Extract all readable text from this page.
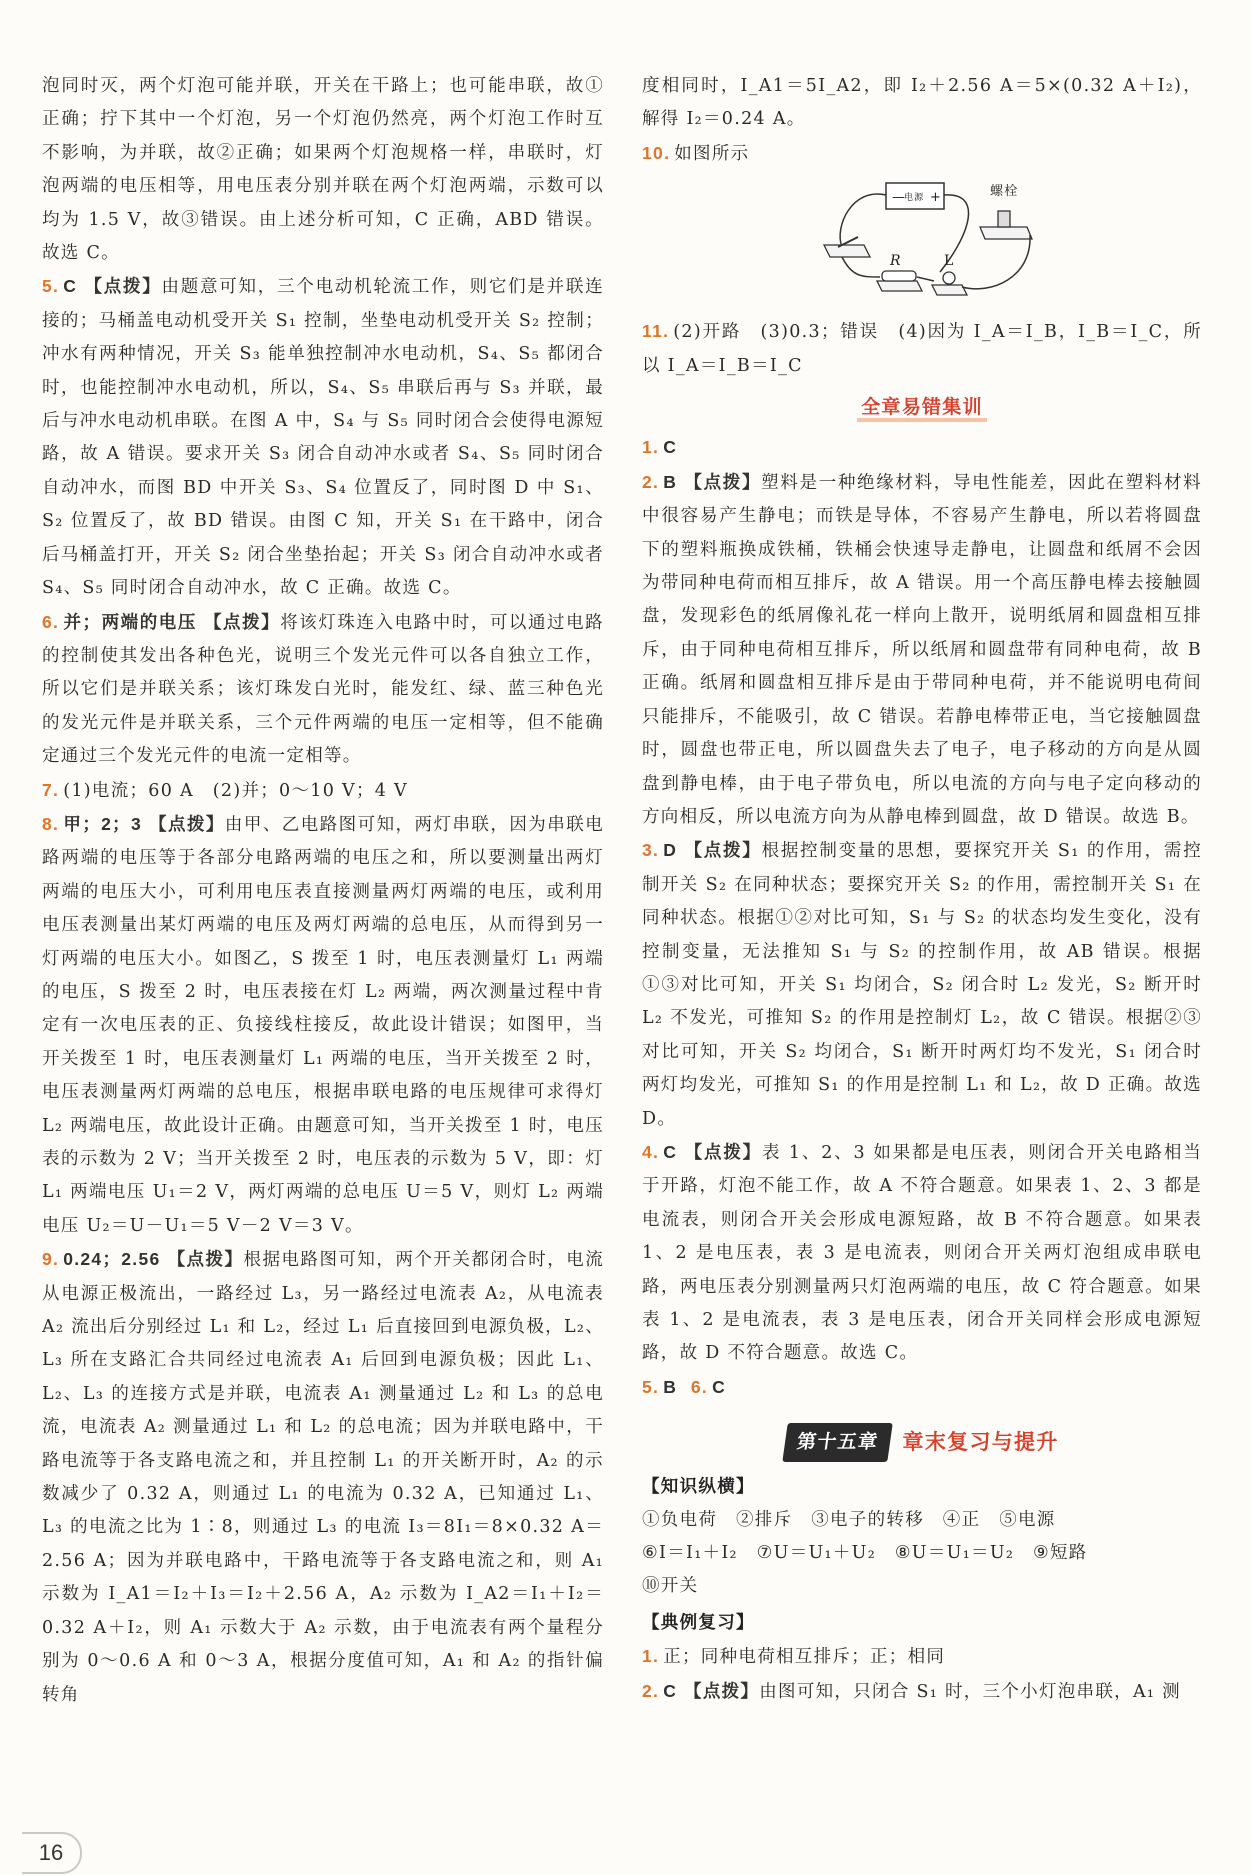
泡同时灭，两个灯泡可能并联，开关在干路上；也可能串联，故①正确；拧下其中一个灯泡，另一个灯泡仍然亮，两个灯泡工作时互不影响，为并联，故②正确；如果两个灯泡规格一样，串联时，灯泡两端的电压相等，用电压表分别并联在两个灯泡两端，示数可以均为 1.5 V，故③错误。由上述分析可知，C 正确，ABD 错误。故选 C。

5. C 【点拨】由题意可知，三个电动机轮流工作，则它们是并联连接的；马桶盖电动机受开关 S₁ 控制，坐垫电动机受开关 S₂ 控制；冲水有两种情况，开关 S₃ 能单独控制冲水电动机，S₄、S₅ 都闭合时，也能控制冲水电动机，所以，S₄、S₅ 串联后再与 S₃ 并联，最后与冲水电动机串联。在图 A 中，S₄ 与 S₅ 同时闭合会使得电源短路，故 A 错误。要求开关 S₃ 闭合自动冲水或者 S₄、S₅ 同时闭合自动冲水，而图 BD 中开关 S₃、S₄ 位置反了，同时图 D 中 S₁、S₂ 位置反了，故 BD 错误。由图 C 知，开关 S₁ 在干路中，闭合后马桶盖打开，开关 S₂ 闭合坐垫抬起；开关 S₃ 闭合自动冲水或者 S₄、S₅ 同时闭合自动冲水，故 C 正确。故选 C。

6. 并；两端的电压 【点拨】将该灯珠连入电路中时，可以通过电路的控制使其发出各种色光，说明三个发光元件可以各自独立工作，所以它们是并联关系；该灯珠发白光时，能发红、绿、蓝三种色光的发光元件是并联关系，三个元件两端的电压一定相等，但不能确定通过三个发光元件的电流一定相等。

7. (1)电流；60 A　(2)并；0～10 V；4 V

8. 甲；2；3 【点拨】由甲、乙电路图可知，两灯串联，因为串联电路两端的电压等于各部分电路两端的电压之和，所以要测量出两灯两端的电压大小，可利用电压表直接测量两灯两端的电压，或利用电压表测量出某灯两端的电压及两灯两端的总电压，从而得到另一灯两端的电压大小。如图乙，S 拨至 1 时，电压表测量灯 L₁ 两端的电压，S 拨至 2 时，电压表接在灯 L₂ 两端，两次测量过程中肯定有一次电压表的正、负接线柱接反，故此设计错误；如图甲，当开关拨至 1 时，电压表测量灯 L₁ 两端的电压，当开关拨至 2 时，电压表测量两灯两端的总电压，根据串联电路的电压规律可求得灯 L₂ 两端电压，故此设计正确。由题意可知，当开关拨至 1 时，电压表的示数为 2 V；当开关拨至 2 时，电压表的示数为 5 V，即：灯 L₁ 两端电压 U₁＝2 V，两灯两端的总电压 U＝5 V，则灯 L₂ 两端电压 U₂＝U－U₁＝5 V－2 V＝3 V。

9. 0.24；2.56 【点拨】根据电路图可知，两个开关都闭合时，电流从电源正极流出，一路经过 L₃，另一路经过电流表 A₂，从电流表 A₂ 流出后分别经过 L₁ 和 L₂，经过 L₁ 后直接回到电源负极，L₂、L₃ 所在支路汇合共同经过电流表 A₁ 后回到电源负极；因此 L₁、L₂、L₃ 的连接方式是并联，电流表 A₁ 测量通过 L₂ 和 L₃ 的总电流，电流表 A₂ 测量通过 L₁ 和 L₂ 的总电流；因为并联电路中，干路电流等于各支路电流之和，并且控制 L₁ 的开关断开时，A₂ 的示数减少了 0.32 A，则通过 L₁ 的电流为 0.32 A，已知通过 L₁、L₃ 的电流之比为 1∶8，则通过 L₃ 的电流 I₃＝8I₁＝8×0.32 A＝2.56 A；因为并联电路中，干路电流等于各支路电流之和，则 A₁ 示数为 I_A1＝I₂＋I₃＝I₂＋2.56 A，A₂ 示数为 I_A2＝I₁＋I₂＝0.32 A＋I₂，则 A₁ 示数大于 A₂ 示数，由于电流表有两个量程分别为 0～0.6 A 和 0～3 A，根据分度值可知，A₁ 和 A₂ 的指针偏转角

度相同时，I_A1＝5I_A2，即 I₂＋2.56 A＝5×(0.32 A＋I₂)，解得 I₂＝0.24 A。

10. 如图所示

—
电源 +
R	L
螺栓

11. (2)开路　(3)0.3；错误　(4)因为 I_A＝I_B，I_B＝I_C，所以 I_A＝I_B＝I_C

全章易错集训

1. C

2. B 【点拨】塑料是一种绝缘材料，导电性能差，因此在塑料材料中很容易产生静电；而铁是导体，不容易产生静电，所以若将圆盘下的塑料瓶换成铁桶，铁桶会快速导走静电，让圆盘和纸屑不会因为带同种电荷而相互排斥，故 A 错误。用一个高压静电棒去接触圆盘，发现彩色的纸屑像礼花一样向上散开，说明纸屑和圆盘相互排斥，由于同种电荷相互排斥，所以纸屑和圆盘带有同种电荷，故 B 正确。纸屑和圆盘相互排斥是由于带同种电荷，并不能说明电荷间只能排斥，不能吸引，故 C 错误。若静电棒带正电，当它接触圆盘时，圆盘也带正电，所以圆盘失去了电子，电子移动的方向是从圆盘到静电棒，由于电子带负电，所以电流的方向与电子定向移动的方向相反，所以电流方向为从静电棒到圆盘，故 D 错误。故选 B。

3. D 【点拨】根据控制变量的思想，要探究开关 S₁ 的作用，需控制开关 S₂ 在同种状态；要探究开关 S₂ 的作用，需控制开关 S₁ 在同种状态。根据①②对比可知，S₁ 与 S₂ 的状态均发生变化，没有控制变量，无法推知 S₁ 与 S₂ 的控制作用，故 AB 错误。根据①③对比可知，开关 S₁ 均闭合，S₂ 闭合时 L₂ 发光，S₂ 断开时 L₂ 不发光，可推知 S₂ 的作用是控制灯 L₂，故 C 错误。根据②③对比可知，开关 S₂ 均闭合，S₁ 断开时两灯均不发光，S₁ 闭合时两灯均发光，可推知 S₁ 的作用是控制 L₁ 和 L₂，故 D 正确。故选 D。

4. C 【点拨】表 1、2、3 如果都是电压表，则闭合开关电路相当于开路，灯泡不能工作，故 A 不符合题意。如果表 1、2、3 都是电流表，则闭合开关会形成电源短路，故 B 不符合题意。如果表 1、2 是电压表，表 3 是电流表，则闭合开关两灯泡组成串联电路，两电压表分别测量两只灯泡两端的电压，故 C 符合题意。如果表 1、2 是电流表，表 3 是电压表，闭合开关同样会形成电源短路，故 D 不符合题意。故选 C。

5. B 6. C

第十五章	章末复习与提升
【知识纵横】

①负电荷　②排斥　③电子的转移　④正　⑤电源

⑥I＝I₁＋I₂　⑦U＝U₁＋U₂　⑧U＝U₁＝U₂　⑨短路

⑩开关

【典例复习】

1. 正；同种电荷相互排斥；正；相同

2. C 【点拨】由图可知，只闭合 S₁ 时，三个小灯泡串联，A₁ 测

16
